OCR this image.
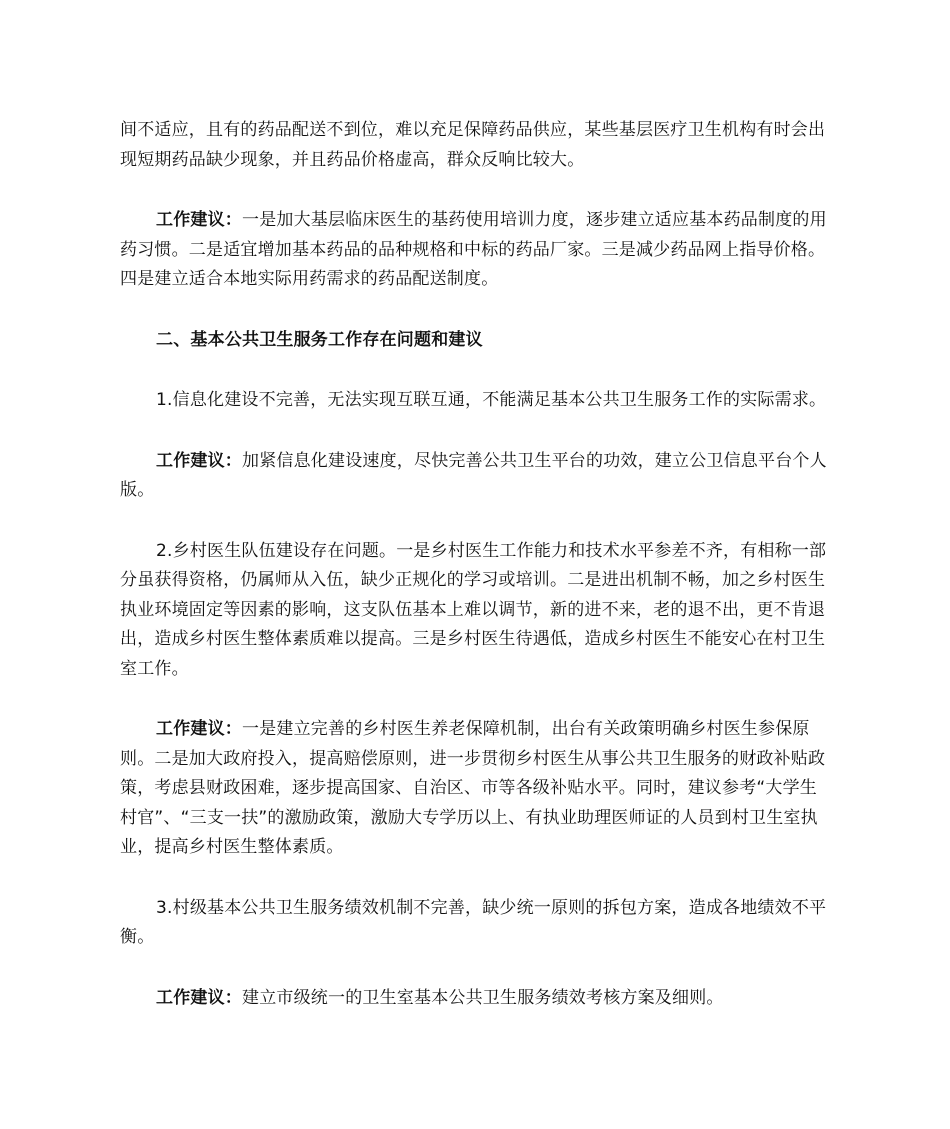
间不适应，且有的药品配送不到位，难以充足保障药品供应，某些基层医疗卫生机构有时会出现短期药品缺少现象，并且药品价格虚高，群众反响比较大。

工作建议：一是加大基层临床医生的基药使用培训力度，逐步建立适应基本药品制度的用药习惯。二是适宜增加基本药品的品种规格和中标的药品厂家。三是减少药品网上指导价格。四是建立适合本地实际用药需求的药品配送制度。

二、基本公共卫生服务工作存在问题和建议

1.信息化建设不完善，无法实现互联互通，不能满足基本公共卫生服务工作的实际需求。

工作建议：加紧信息化建设速度，尽快完善公共卫生平台的功效，建立公卫信息平台个人版。

2.乡村医生队伍建设存在问题。一是乡村医生工作能力和技术水平参差不齐，有相称一部分虽获得资格，仍属师从入伍，缺少正规化的学习或培训。二是进出机制不畅，加之乡村医生执业环境固定等因素的影响，这支队伍基本上难以调节，新的进不来，老的退不出，更不肯退出，造成乡村医生整体素质难以提高。三是乡村医生待遇低，造成乡村医生不能安心在村卫生室工作。

工作建议：一是建立完善的乡村医生养老保障机制，出台有关政策明确乡村医生参保原则。二是加大政府投入，提高赔偿原则，进一步贯彻乡村医生从事公共卫生服务的财政补贴政策，考虑县财政困难，逐步提高国家、自治区、市等各级补贴水平。同时，建议参考“大学生村官”、“三支一扶”的激励政策，激励大专学历以上、有执业助理医师证的人员到村卫生室执业，提高乡村医生整体素质。

3.村级基本公共卫生服务绩效机制不完善，缺少统一原则的拆包方案，造成各地绩效不平衡。

工作建议：建立市级统一的卫生室基本公共卫生服务绩效考核方案及细则。
